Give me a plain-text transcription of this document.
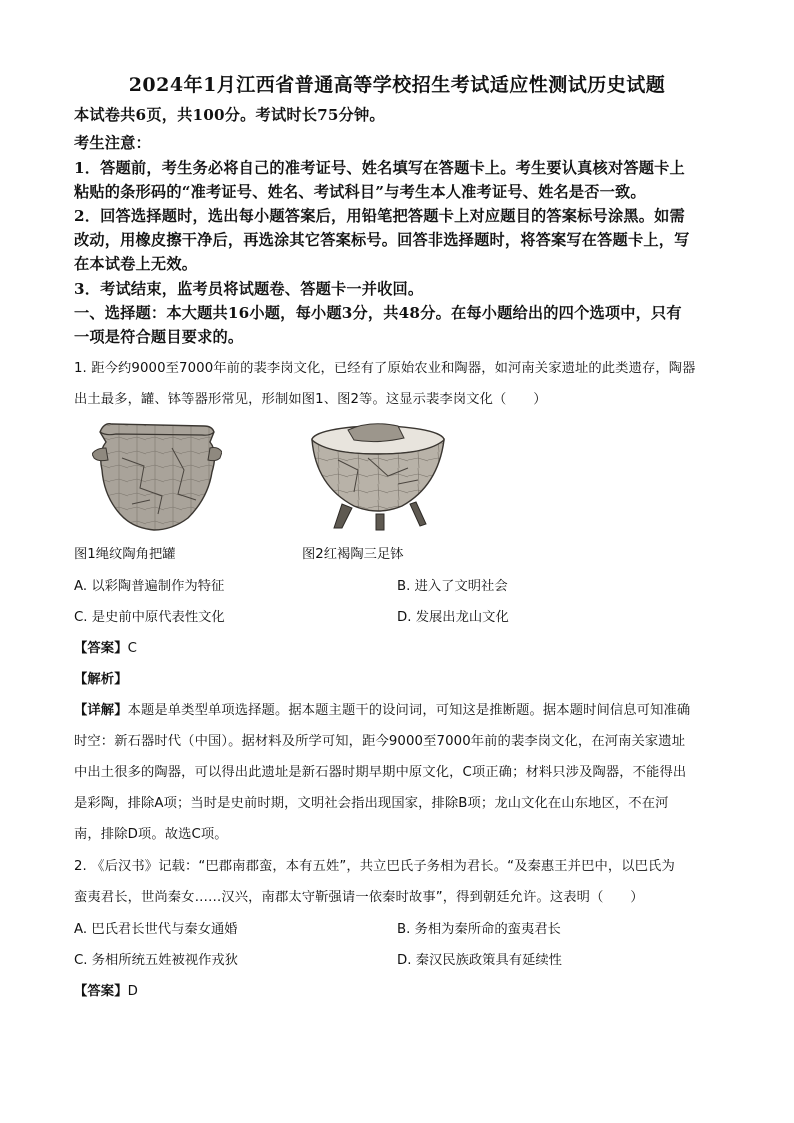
2024年1月江西省普通高等学校招生考试适应性测试历史试题
本试卷共6页，共100分。考试时长75分钟。
考生注意：
1．答题前，考生务必将自己的准考证号、姓名填写在答题卡上。考生要认真核对答题卡上
粘贴的条形码的“准考证号、姓名、考试科目”与考生本人准考证号、姓名是否一致。
2．回答选择题时，选出每小题答案后，用铅笔把答题卡上对应题目的答案标号涂黑。如需
改动，用橡皮擦干净后，再选涂其它答案标号。回答非选择题时，将答案写在答题卡上，写
在本试卷上无效。
3．考试结束，监考员将试题卷、答题卡一并收回。
一、选择题：本大题共16小题，每小题3分，共48分。在每小题给出的四个选项中，只有
一项是符合题目要求的。
1. 距今约9000至7000年前的裴李岗文化，已经有了原始农业和陶器，如河南关家遗址的此类遗存，陶器
出土最多，罐、钵等器形常见，形制如图1、图2等。这显示裴李岗文化（　　）
图1绳纹陶角把罐	图2红褐陶三足钵
A. 以彩陶普遍制作为特征	B. 进入了文明社会
C. 是史前中原代表性文化	D. 发展出龙山文化
【答案】C
【解析】
【详解】本题是单类型单项选择题。据本题主题干的设问词，可知这是推断题。据本题时间信息可知准确
时空：新石器时代（中国）。据材料及所学可知，距今9000至7000年前的裴李岗文化，在河南关家遗址
中出土很多的陶器，可以得出此遗址是新石器时期早期中原文化，C项正确；材料只涉及陶器，不能得出
是彩陶，排除A项；当时是史前时期，文明社会指出现国家，排除B项；龙山文化在山东地区，不在河
南，排除D项。故选C项。
2. 《后汉书》记载：“巴郡南郡蛮，本有五姓”，共立巴氏子务相为君长。“及秦惠王并巴中，以巴氏为
蛮夷君长，世尚秦女……汉兴，南郡太守靳强请一依秦时故事”，得到朝廷允许。这表明（　　）
A. 巴氏君长世代与秦女通婚	B. 务相为秦所命的蛮夷君长
C. 务相所统五姓被视作戎狄	D. 秦汉民族政策具有延续性
【答案】D
